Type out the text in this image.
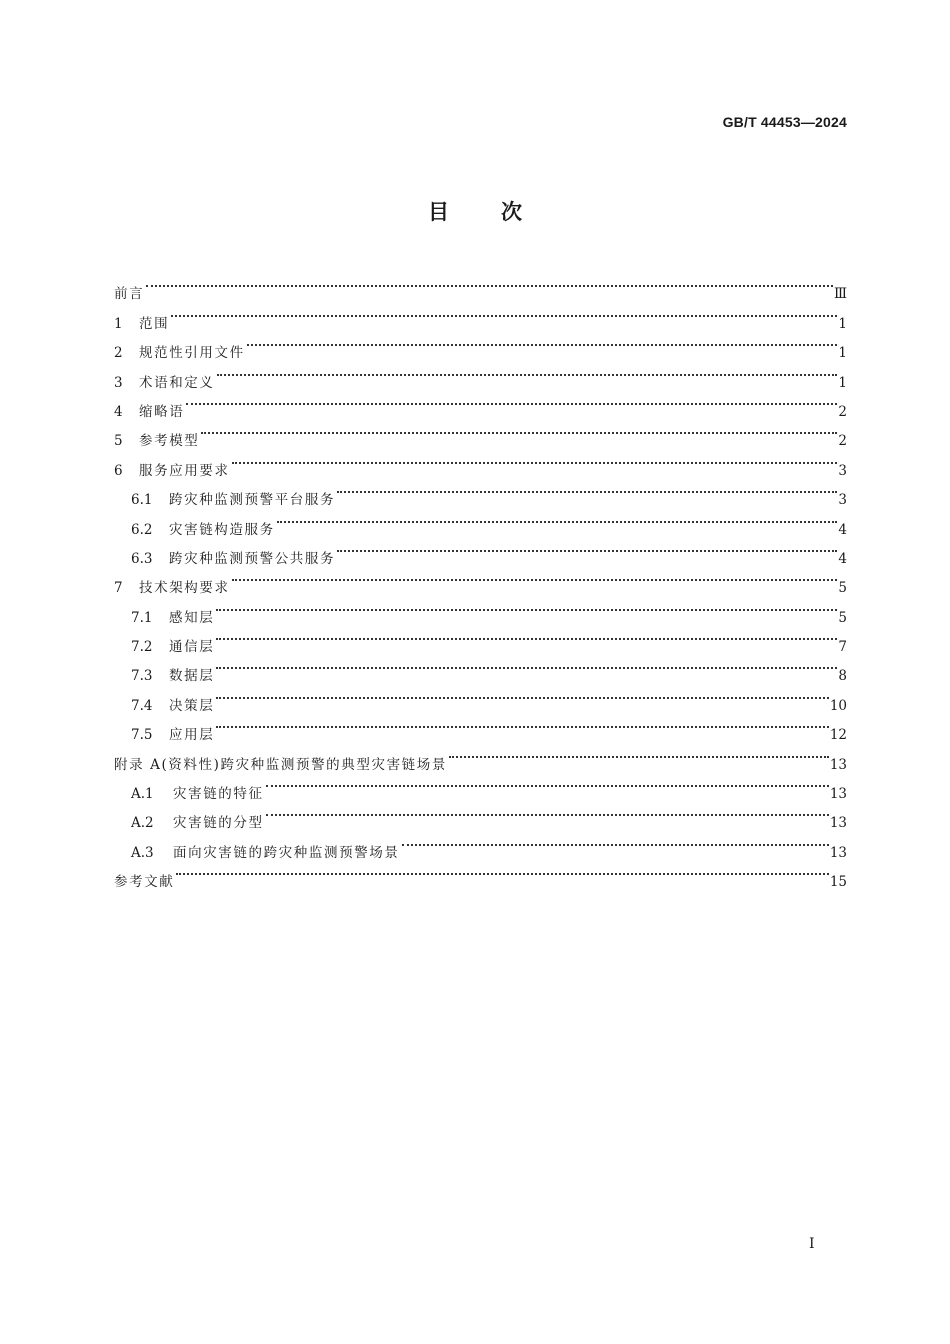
GB/T 44453—2024
目次
前言	Ⅲ
1 范围	1
2 规范性引用文件	1
3 术语和定义	1
4 缩略语	2
5 参考模型	2
6 服务应用要求	3
6.1 跨灾种监测预警平台服务	3
6.2 灾害链构造服务	4
6.3 跨灾种监测预警公共服务	4
7 技术架构要求	5
7.1 感知层	5
7.2 通信层	7
7.3 数据层	8
7.4 决策层	10
7.5 应用层	12
附录 A(资料性)跨灾种监测预警的典型灾害链场景	13
A.1	灾害链的特征	13
A.2	灾害链的分型	13
A.3	面向灾害链的跨灾种监测预警场景	13
参考文献	15
I
